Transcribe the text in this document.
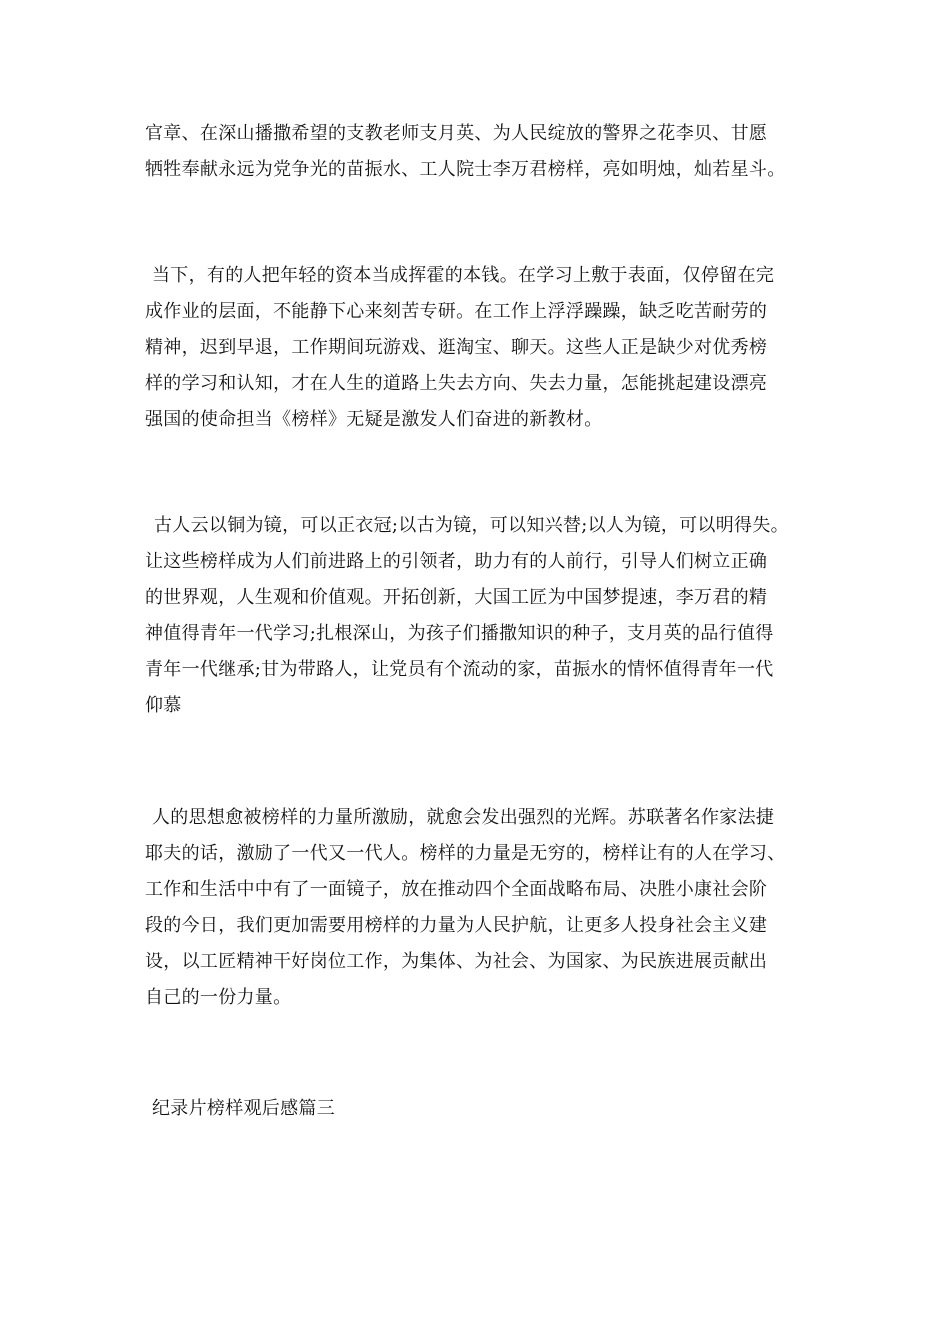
官章、在深山播撒希望的支教老师支月英、为人民绽放的警界之花李贝、甘愿
牺牲奉献永远为党争光的苗振水、工人院士李万君榜样，亮如明烛，灿若星斗。
当下，有的人把年轻的资本当成挥霍的本钱。在学习上敷于表面，仅停留在完
成作业的层面，不能静下心来刻苦专研。在工作上浮浮躁躁，缺乏吃苦耐劳的
精神，迟到早退，工作期间玩游戏、逛淘宝、聊天。这些人正是缺少对优秀榜
样的学习和认知，才在人生的道路上失去方向、失去力量，怎能挑起建设漂亮
强国的使命担当《榜样》无疑是激发人们奋进的新教材。
古人云以铜为镜，可以正衣冠;以古为镜，可以知兴替;以人为镜，可以明得失。
让这些榜样成为人们前进路上的引领者，助力有的人前行，引导人们树立正确
的世界观，人生观和价值观。开拓创新，大国工匠为中国梦提速，李万君的精
神值得青年一代学习;扎根深山，为孩子们播撒知识的种子，支月英的品行值得
青年一代继承;甘为带路人，让党员有个流动的家，苗振水的情怀值得青年一代
仰慕
人的思想愈被榜样的力量所激励，就愈会发出强烈的光辉。苏联著名作家法捷
耶夫的话，激励了一代又一代人。榜样的力量是无穷的，榜样让有的人在学习、
工作和生活中中有了一面镜子，放在推动四个全面战略布局、决胜小康社会阶
段的今日，我们更加需要用榜样的力量为人民护航，让更多人投身社会主义建
设，以工匠精神干好岗位工作，为集体、为社会、为国家、为民族进展贡献出
自己的一份力量。
纪录片榜样观后感篇三
